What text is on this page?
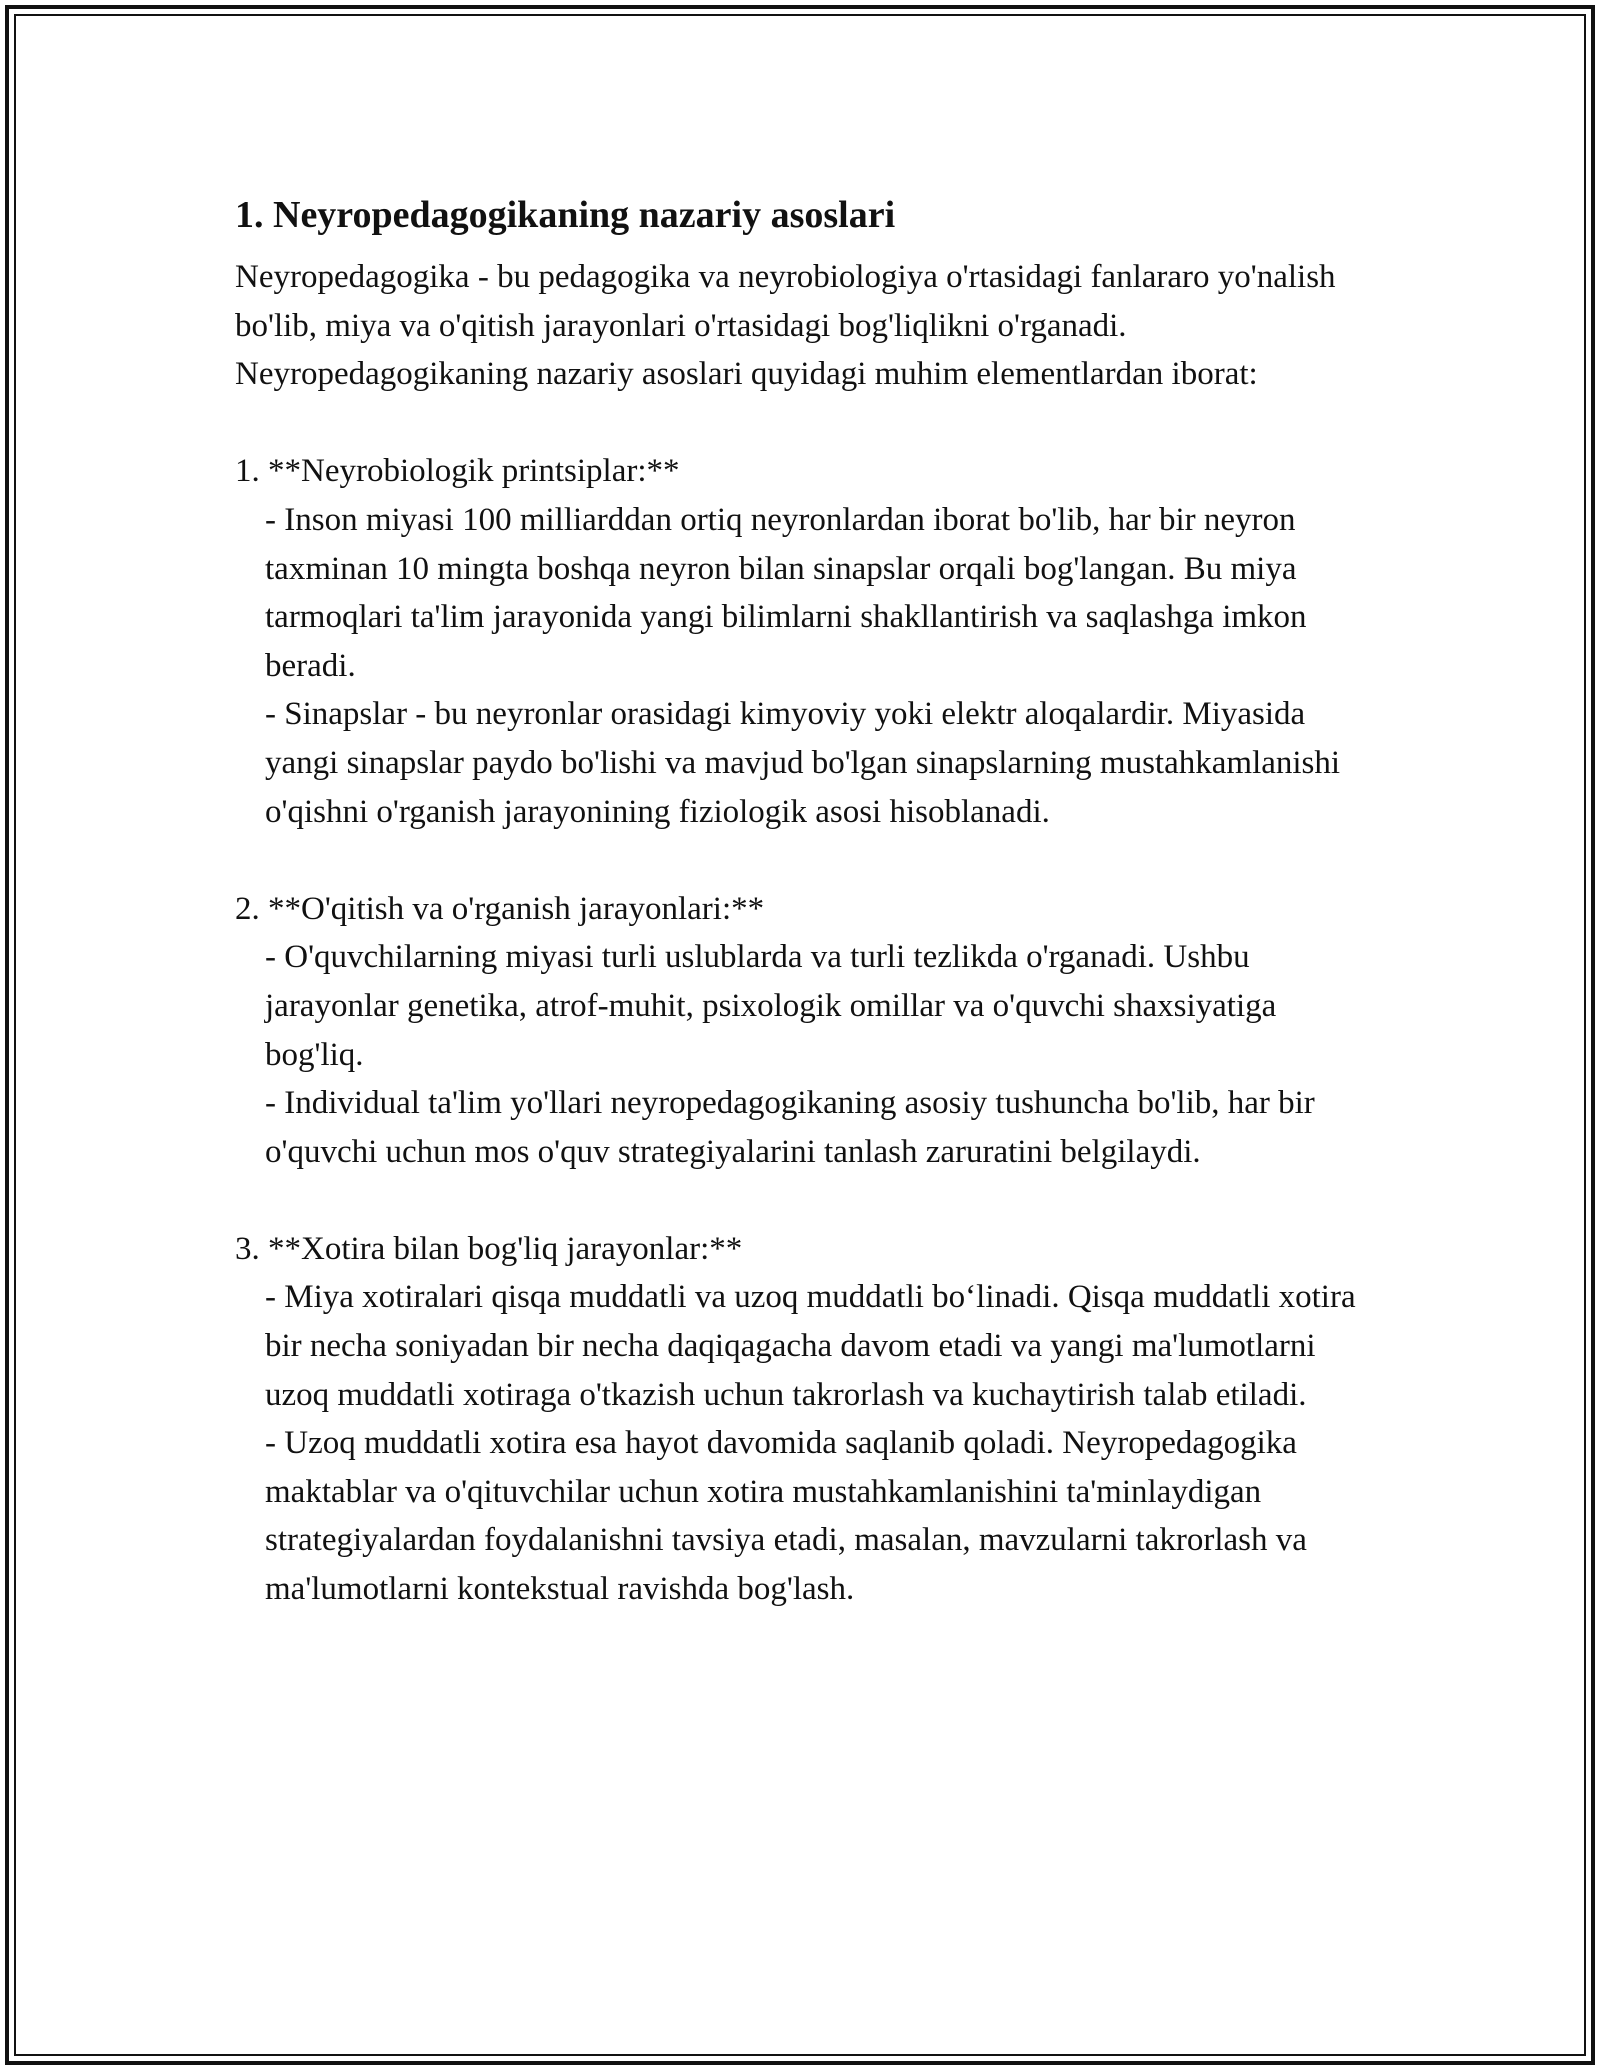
1. Neyropedagogikaning nazariy asoslari

Neyropedagogika - bu pedagogika va neyrobiologiya o'rtasidagi fanlararo yo'nalish bo'lib, miya va o'qitish jarayonlari o'rtasidagi bog'liqlikni o'rganadi. Neyropedagogikaning nazariy asoslari quyidagi muhim elementlardan iborat:

1. **Neyrobiologik printsiplar:**

- Inson miyasi 100 milliarddan ortiq neyronlardan iborat bo'lib, har bir neyron taxminan 10 mingta boshqa neyron bilan sinapslar orqali bog'langan. Bu miya tarmoqlari ta'lim jarayonida yangi bilimlarni shakllantirish va saqlashga imkon beradi.

- Sinapslar - bu neyronlar orasidagi kimyoviy yoki elektr aloqalardir. Miyasida yangi sinapslar paydo bo'lishi va mavjud bo'lgan sinapslarning mustahkamlanishi o'qishni o'rganish jarayonining fiziologik asosi hisoblanadi.

2. **O'qitish va o'rganish jarayonlari:**

- O'quvchilarning miyasi turli uslublarda va turli tezlikda o'rganadi. Ushbu jarayonlar genetika, atrof-muhit, psixologik omillar va o'quvchi shaxsiyatiga bog'liq.

- Individual ta'lim yo'llari neyropedagogikaning asosiy tushuncha bo'lib, har bir o'quvchi uchun mos o'quv strategiyalarini tanlash zaruratini belgilaydi.

3. **Xotira bilan bog'liq jarayonlar:**

- Miya xotiralari qisqa muddatli va uzoq muddatli bo‘linadi. Qisqa muddatli xotira bir necha soniyadan bir necha daqiqagacha davom etadi va yangi ma'lumotlarni uzoq muddatli xotiraga o'tkazish uchun takrorlash va kuchaytirish talab etiladi.

- Uzoq muddatli xotira esa hayot davomida saqlanib qoladi. Neyropedagogika maktablar va o'qituvchilar uchun xotira mustahkamlanishini ta'minlaydigan strategiyalardan foydalanishni tavsiya etadi, masalan, mavzularni takrorlash va ma'lumotlarni kontekstual ravishda bog'lash.
